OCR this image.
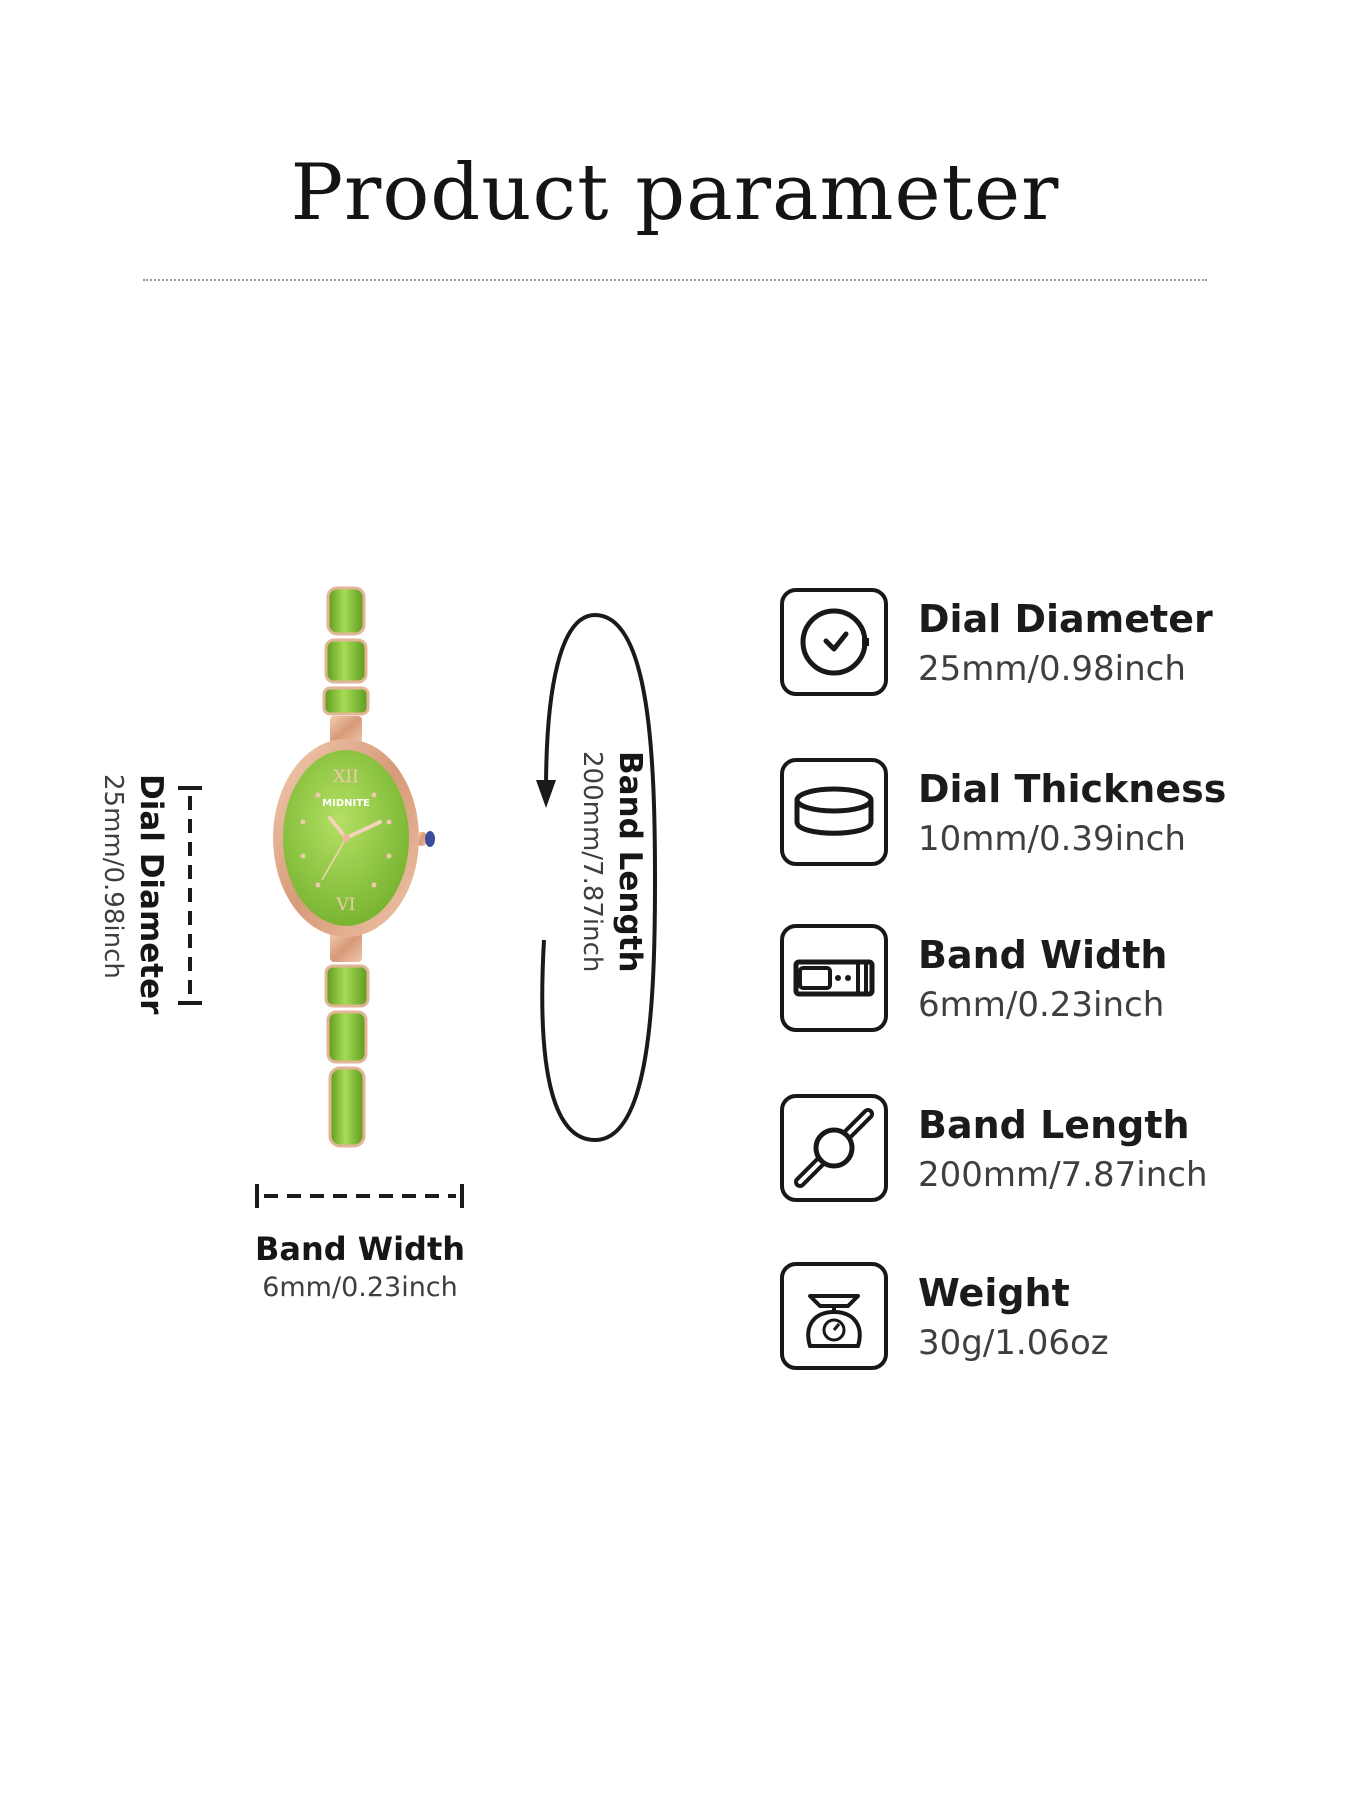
Product parameter
XII
VI
MIDNITE
Dial Diameter
25mm/0.98inch	Band Length
200mm/7.87inch
Band Width
6mm/0.23inch
Dial Diameter
25mm/0.98inch
Dial Thickness
10mm/0.39inch
Band Width
6mm/0.23inch
Band Length
200mm/7.87inch
Weight
30g/1.06oz
